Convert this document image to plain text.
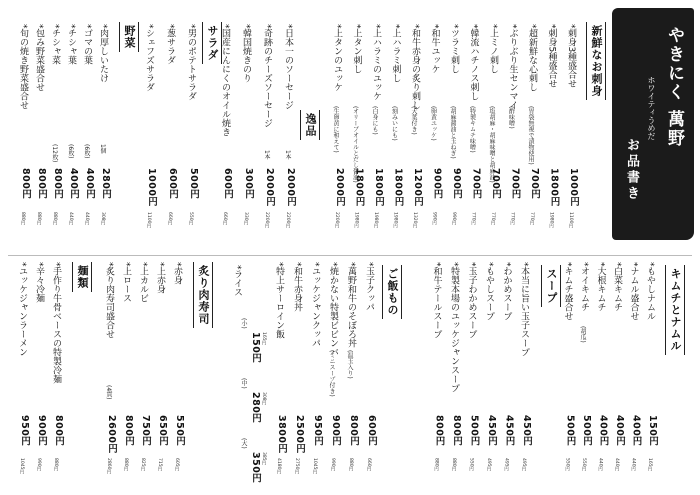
やきにく 萬野
ホワイティうめだ
お品書き
新鮮なお刺身
*刺身3種盛合せ
1000円
1100円
*刺身5種盛合せ
1800円
1980円
*超新鮮な心刺し
(胃袋無視で漬物使用)
700円
770円
*ぶりぶり生センマイ
(酢味噌)
700円
770円
*上ミノ刺し
(塩胡麻・胡麻味噌と胡麻油)
700円
770円
*韓流ハチノス刺し
(特製キムチ味噌)
700円
770円
*ツラミ刺し
(胡麻醤油と玉ねぎ)
900円
990円
*和牛ユッケ
(卵黄ユッケ)
900円
990円
*和牛赤身の炙り刺し
(大葉付き)
1200円
1320円
*上ハラミ刺し
(刻みいにも)
1800円
1980円
*上ハラミのユッケ
(白身にも)
1800円
1980円
*上タン刺し
(オリーブオイルとだし醤油)
1800円
1980円
*上タンのユッケ
(生卵黄に和えて)
2000円
2200円
逸品
*日本一のソーセージ
1本
2000円
2200円
*奇跡のチーズソーセージ
1本
2000円
2200円
*韓国焼きのり
300円
330円
*国産にんにくのオイル焼き
600円
660円
サラダ
*男のポテトサラダ
500円
550円
*葱サラダ
600円
660円
*シェフズサラダ
1000円
1100円
野菜
*肉厚しいたけ
1個
280円
308円
*ゴマの葉
(6枚)
400円
440円
*チシャ葉
(6枚)
400円
440円
*チシャ菜
(12枚)
800円
880円
*包み野菜盛合せ
800円
880円
*旬の焼き野菜盛合せ
800円
880円
キムチとナムル
*もやしナムル
150円
165円
*ナムル盛合せ
400円
440円
*白菜キムチ
400円
440円
*大根キムチ
400円
440円
*オイキムチ
(胡瓜)
500円
550円
*キムチ盛合せ
500円
550円
スープ
*本当に旨い玉子スープ
450円
495円
*わかめスープ
450円
495円
*もやしスープ
450円
495円
*玉子わかめスープ
500円
550円
*特製本場のユッケジャンスープ
800円
880円
*和牛テールスープ
800円
880円
ご飯もの
*玉子クッパ
600円
660円
*萬野和牛のそぼろ丼
(温玉入り)
800円
880円
*焼かない特製ビビンバ
(ミニスープ付き)
900円
990円
*ユッケジャンクッパ
950円
1045円
*和牛赤身丼
2500円
2750円
*特上サーロイン飯
3800円
4180円
*ライス
(小)
150円 165円
(中)
280円 308円
(大)
350円 385円
炙り肉寿司
*赤身
550円
605円
*上赤身
650円
715円
*上カルビ
750円
825円
*上ロース
800円
880円
*炙り肉寿司盛合せ
(4貫)
2600円
2860円
麺類
*手作り牛骨ベースの特製冷麺
800円
880円
*辛々冷麺
900円
990円
*ユッケジャンラーメン
950円
1045円
